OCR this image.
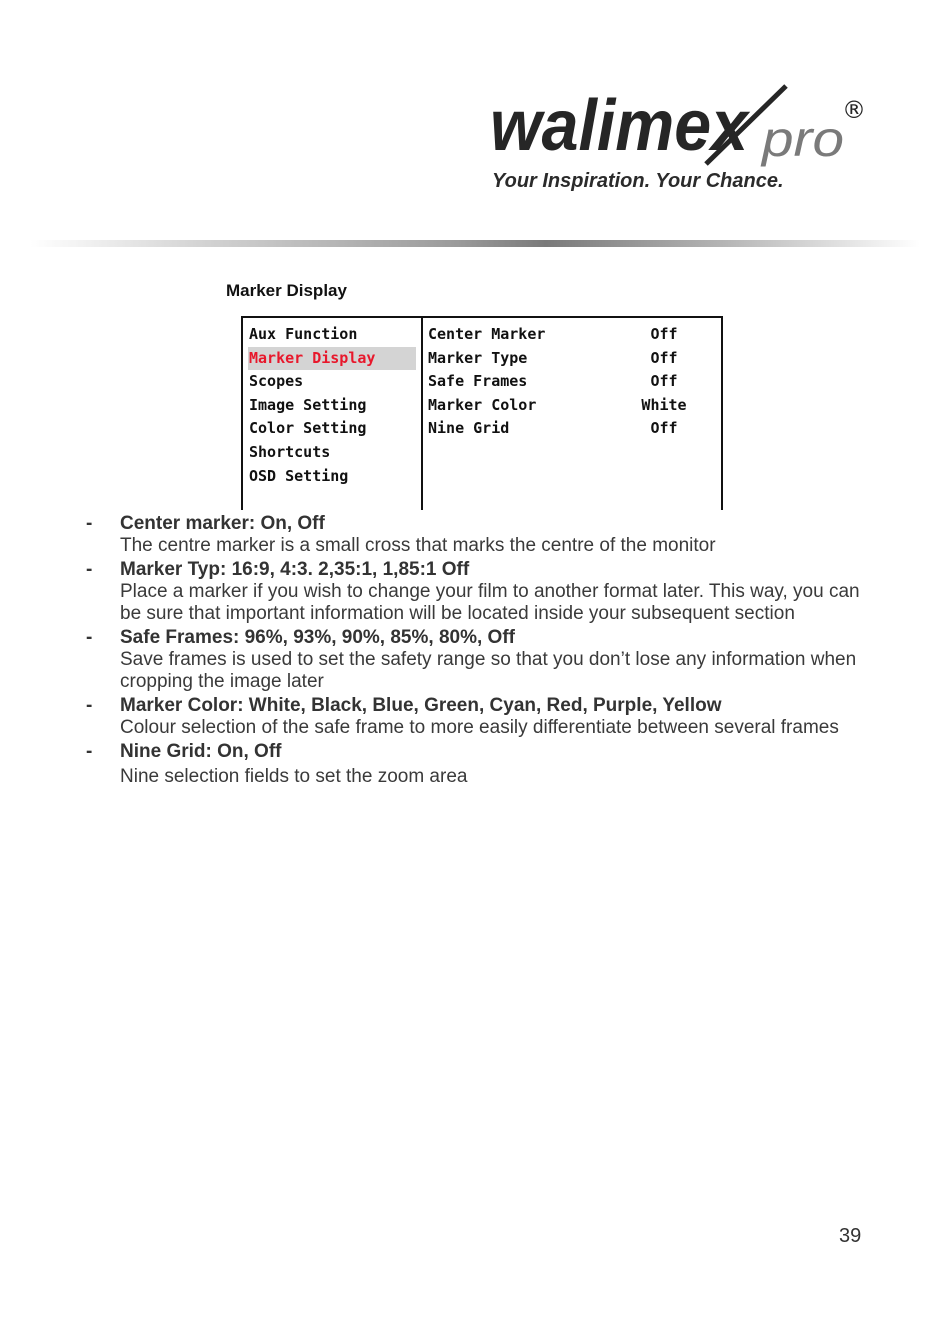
walimex pro
®
Your Inspiration. Your Chance.
Marker Display
Aux Function
Marker Display
Scopes
Image Setting
Color Setting
Shortcuts
OSD Setting
Center Marker	Off
Marker Type	Off
Safe Frames	Off
Marker Color	White
Nine Grid	Off
- Center marker: On, Off
The centre marker is a small cross that marks the centre of the monitor
- Marker Typ: 16:9, 4:3. 2,35:1, 1,85:1 Off
Place a marker if you wish to change your film to another format later. This way, you can be sure that important information will be located inside your subsequent section
- Safe Frames: 96%, 93%, 90%, 85%, 80%, Off
Save frames is used to set the safety range so that you don’t lose any information when cropping the image later
- Marker Color: White, Black, Blue, Green, Cyan, Red, Purple, Yellow
Colour selection of the safe frame to more easily differentiate between several frames
- Nine Grid: On, Off
Nine selection fields to set the zoom area
39
